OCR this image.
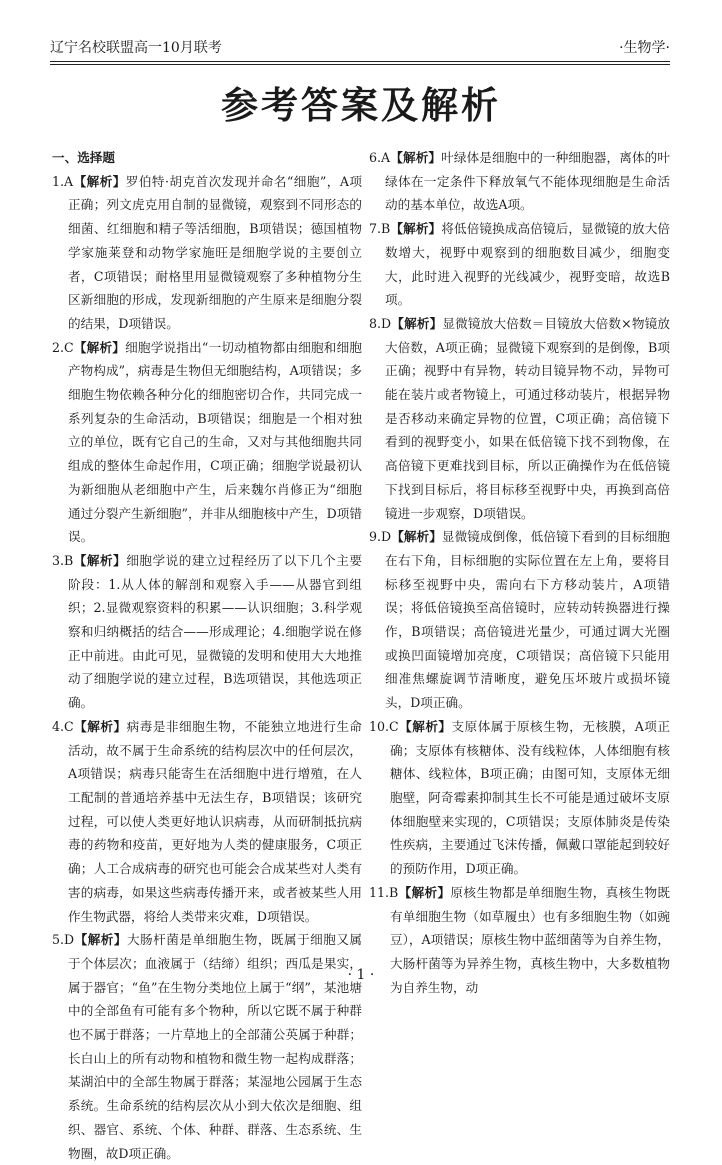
辽宁名校联盟高一10月联考	·生物学·
参考答案及解析

一、选择题

1.A【解析】罗伯特·胡克首次发现并命名“细胞”，A项正确；列文虎克用自制的显微镜，观察到不同形态的细菌、红细胞和精子等活细胞，B项错误；德国植物学家施莱登和动物学家施旺是细胞学说的主要创立者，C项错误；耐格里用显微镜观察了多种植物分生区新细胞的形成，发现新细胞的产生原来是细胞分裂的结果，D项错误。

2.C【解析】细胞学说指出“一切动植物都由细胞和细胞产物构成”，病毒是生物但无细胞结构，A项错误；多细胞生物依赖各种分化的细胞密切合作，共同完成一系列复杂的生命活动，B项错误；细胞是一个相对独立的单位，既有它自己的生命，又对与其他细胞共同组成的整体生命起作用，C项正确；细胞学说最初认为新细胞从老细胞中产生，后来魏尔肖修正为“细胞通过分裂产生新细胞”，并非从细胞核中产生，D项错误。

3.B【解析】细胞学说的建立过程经历了以下几个主要阶段：1.从人体的解剖和观察入手——从器官到组织；2.显微观察资料的积累——认识细胞；3.科学观察和归纳概括的结合——形成理论；4.细胞学说在修正中前进。由此可见，显微镜的发明和使用大大地推动了细胞学说的建立过程，B选项错误，其他选项正确。

4.C【解析】病毒是非细胞生物，不能独立地进行生命活动，故不属于生命系统的结构层次中的任何层次，A项错误；病毒只能寄生在活细胞中进行增殖，在人工配制的普通培养基中无法生存，B项错误；该研究过程，可以使人类更好地认识病毒，从而研制抵抗病毒的药物和疫苗，更好地为人类的健康服务，C项正确；人工合成病毒的研究也可能会合成某些对人类有害的病毒，如果这些病毒传播开来，或者被某些人用作生物武器，将给人类带来灾难，D项错误。

5.D【解析】大肠杆菌是单细胞生物，既属于细胞又属于个体层次；血液属于（结缔）组织；西瓜是果实，属于器官；“鱼”在生物分类地位上属于“纲”，某池塘中的全部鱼有可能有多个物种，所以它既不属于种群也不属于群落；一片草地上的全部蒲公英属于种群；长白山上的所有动物和植物和微生物一起构成群落；某湖泊中的全部生物属于群落；某湿地公园属于生态系统。生命系统的结构层次从小到大依次是细胞、组织、器官、系统、个体、种群、群落、生态系统、生物圈，故D项正确。

6.A【解析】叶绿体是细胞中的一种细胞器，离体的叶绿体在一定条件下释放氧气不能体现细胞是生命活动的基本单位，故选A项。

7.B【解析】将低倍镜换成高倍镜后，显微镜的放大倍数增大，视野中观察到的细胞数目减少，细胞变大，此时进入视野的光线减少，视野变暗，故选B项。

8.D【解析】显微镜放大倍数＝目镜放大倍数×物镜放大倍数，A项正确；显微镜下观察到的是倒像，B项正确；视野中有异物，转动目镜异物不动，异物可能在装片或者物镜上，可通过移动装片，根据异物是否移动来确定异物的位置，C项正确；高倍镜下看到的视野变小，如果在低倍镜下找不到物像，在高倍镜下更难找到目标，所以正确操作为在低倍镜下找到目标后，将目标移至视野中央，再换到高倍镜进一步观察，D项错误。

9.D【解析】显微镜成倒像，低倍镜下看到的目标细胞在右下角，目标细胞的实际位置在左上角，要将目标移至视野中央，需向右下方移动装片，A项错误；将低倍镜换至高倍镜时，应转动转换器进行操作，B项错误；高倍镜进光量少，可通过调大光圈或换凹面镜增加亮度，C项错误；高倍镜下只能用细准焦螺旋调节清晰度，避免压坏玻片或损坏镜头，D项正确。

10.C【解析】支原体属于原核生物，无核膜，A项正确；支原体有核糖体、没有线粒体，人体细胞有核糖体、线粒体，B项正确；由图可知，支原体无细胞壁，阿奇霉素抑制其生长不可能是通过破坏支原体细胞壁来实现的，C项错误；支原体肺炎是传染性疾病，主要通过飞沫传播，佩戴口罩能起到较好的预防作用，D项正确。

11.B【解析】原核生物都是单细胞生物，真核生物既有单细胞生物（如草履虫）也有多细胞生物（如豌豆），A项错误；原核生物中蓝细菌等为自养生物，大肠杆菌等为异养生物，真核生物中，大多数植物为自养生物，动

· 1 ·
